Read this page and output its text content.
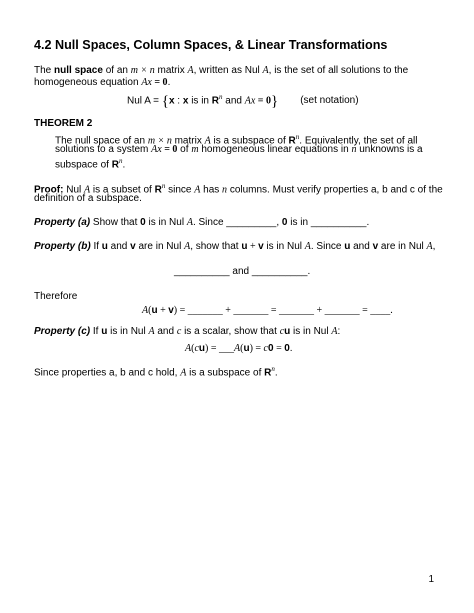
4.2 Null Spaces, Column Spaces, & Linear Transformations
The null space of an m × n matrix A, written as Nul A, is the set of all solutions to the
homogeneous equation Ax = 0.
Nul A = {x : x is in $R^n$ and Ax = 0} (set notation)
THEOREM 2
The null space of an m × n matrix A is a subspace of $R^n$. Equivalently, the set of all
solutions to a system Ax = 0 of m homogeneous linear equations in n unknowns is a
subspace of $R^n$.
Proof: Nul A is a subset of $R^n$ since A has n columns. Must verify properties a, b and c of the
definition of a subspace.
Property (a) Show that 0 is in Nul A. Since _________, 0 is in __________.
Property (b) If u and v are in Nul A, show that u + v is in Nul A. Since u and v are in Nul A,
__________ and __________.
Therefore
A(u + v) = _______ + _______ = _______ + _______ = ____.
Property (c) If u is in Nul A and c is a scalar, show that cu is in Nul A:
A(cu) = ___A(u) = c0 = 0.
Since properties a, b and c hold, A is a subspace of $R^n$.
1
